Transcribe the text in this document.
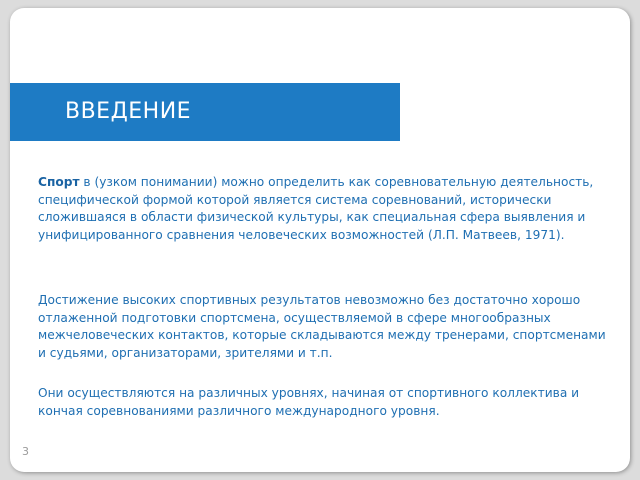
ВВЕДЕНИЕ

Спорт в (узком понимании) можно определить как соревновательную деятельность, специфической формой которой является система соревнований, исторически сложившаяся в области физической культуры, как специальная сфера выявления и унифицированного сравнения человеческих возможностей (Л.П. Матвеев, 1971).

Достижение высоких спортивных результатов невозможно без достаточно хорошо отлаженной подготовки спортсмена, осуществляемой в сфере многообразных межчеловеческих контактов, которые складываются между тренерами, спортсменами и судьями, организаторами, зрителями и т.п.

Они осуществляются на различных уровнях, начиная от спортивного коллектива и кончая соревнованиями различного международного уровня.

3
